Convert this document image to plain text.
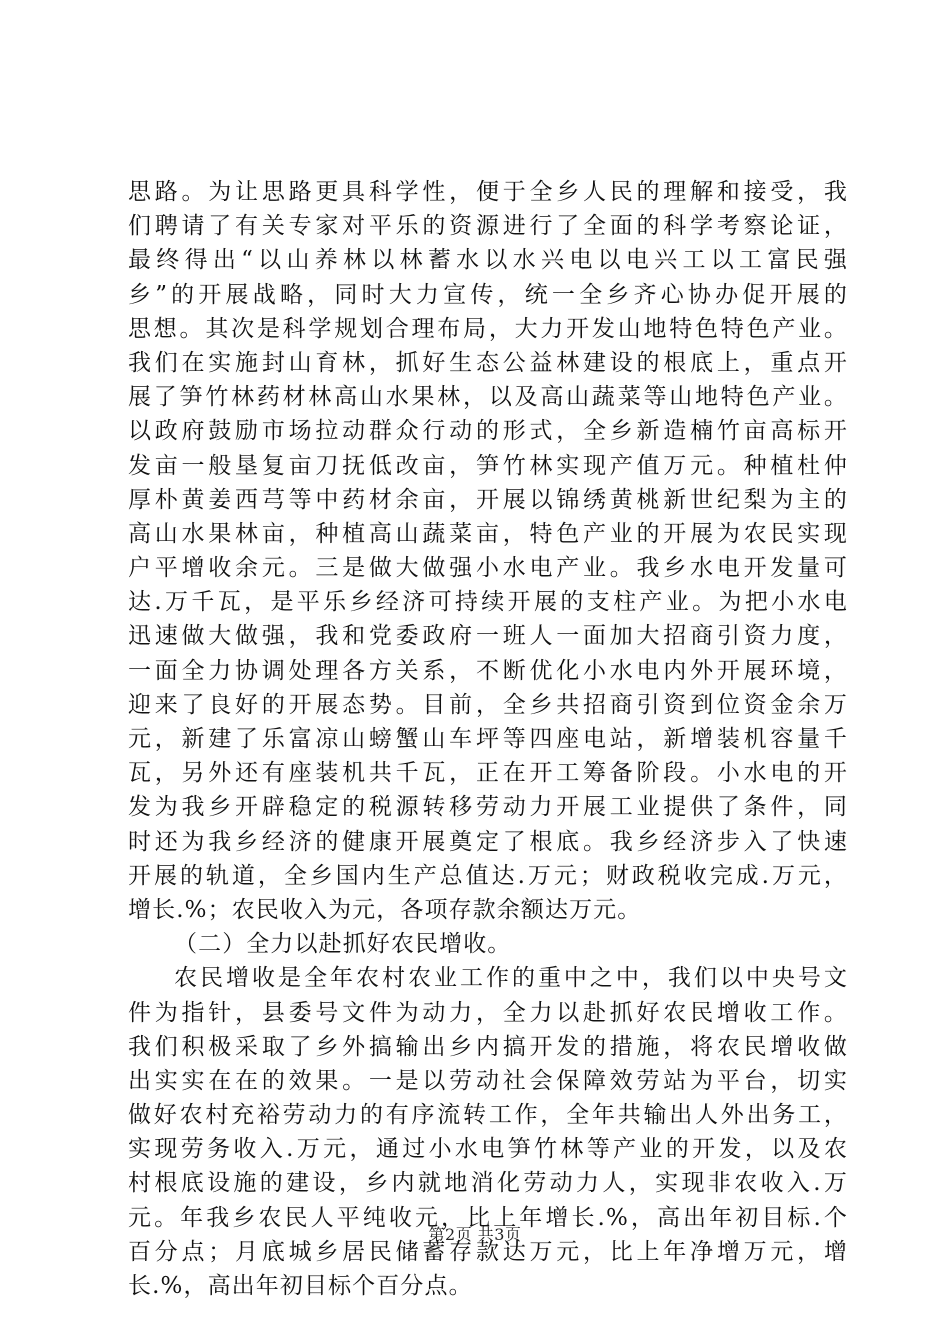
思路。为让思路更具科学性，便于全乡人民的理解和接受，我
们聘请了有关专家对平乐的资源进行了全面的科学考察论证，
最终得出“以山养林以林蓄水以水兴电以电兴工以工富民强
乡”的开展战略，同时大力宣传，统一全乡齐心协办促开展的
思想。其次是科学规划合理布局，大力开发山地特色特色产业。
我们在实施封山育林，抓好生态公益林建设的根底上，重点开
展了笋竹林药材林高山水果林，以及高山蔬菜等山地特色产业。
以政府鼓励市场拉动群众行动的形式，全乡新造楠竹亩高标开
发亩一般垦复亩刀抚低改亩，笋竹林实现产值万元。种植杜仲
厚朴黄姜西芎等中药材余亩，开展以锦绣黄桃新世纪梨为主的
高山水果林亩，种植高山蔬菜亩，特色产业的开展为农民实现
户平增收余元。三是做大做强小水电产业。我乡水电开发量可
达.万千瓦，是平乐乡经济可持续开展的支柱产业。为把小水电
迅速做大做强，我和党委政府一班人一面加大招商引资力度，
一面全力协调处理各方关系，不断优化小水电内外开展环境，
迎来了良好的开展态势。目前，全乡共招商引资到位资金余万
元，新建了乐富凉山螃蟹山车坪等四座电站，新增装机容量千
瓦，另外还有座装机共千瓦，正在开工筹备阶段。小水电的开
发为我乡开辟稳定的税源转移劳动力开展工业提供了条件，同
时还为我乡经济的健康开展奠定了根底。我乡经济步入了快速
开展的轨道，全乡国内生产总值达.万元；财政税收完成.万元，
增长.%；农民收入为元，各项存款余额达万元。
（二）全力以赴抓好农民增收。
农民增收是全年农村农业工作的重中之中，我们以中央号文
件为指针，县委号文件为动力，全力以赴抓好农民增收工作。
我们积极采取了乡外搞输出乡内搞开发的措施，将农民增收做
出实实在在的效果。一是以劳动社会保障效劳站为平台，切实
做好农村充裕劳动力的有序流转工作，全年共输出人外出务工，
实现劳务收入.万元，通过小水电笋竹林等产业的开发，以及农
村根底设施的建设，乡内就地消化劳动力人，实现非农收入.万
元。年我乡农民人平纯收元，比上年增长.%，高出年初目标.个
百分点；月底城乡居民储蓄存款达万元，比上年净增万元，增
长.%，高出年初目标个百分点。
第2页 共3页
